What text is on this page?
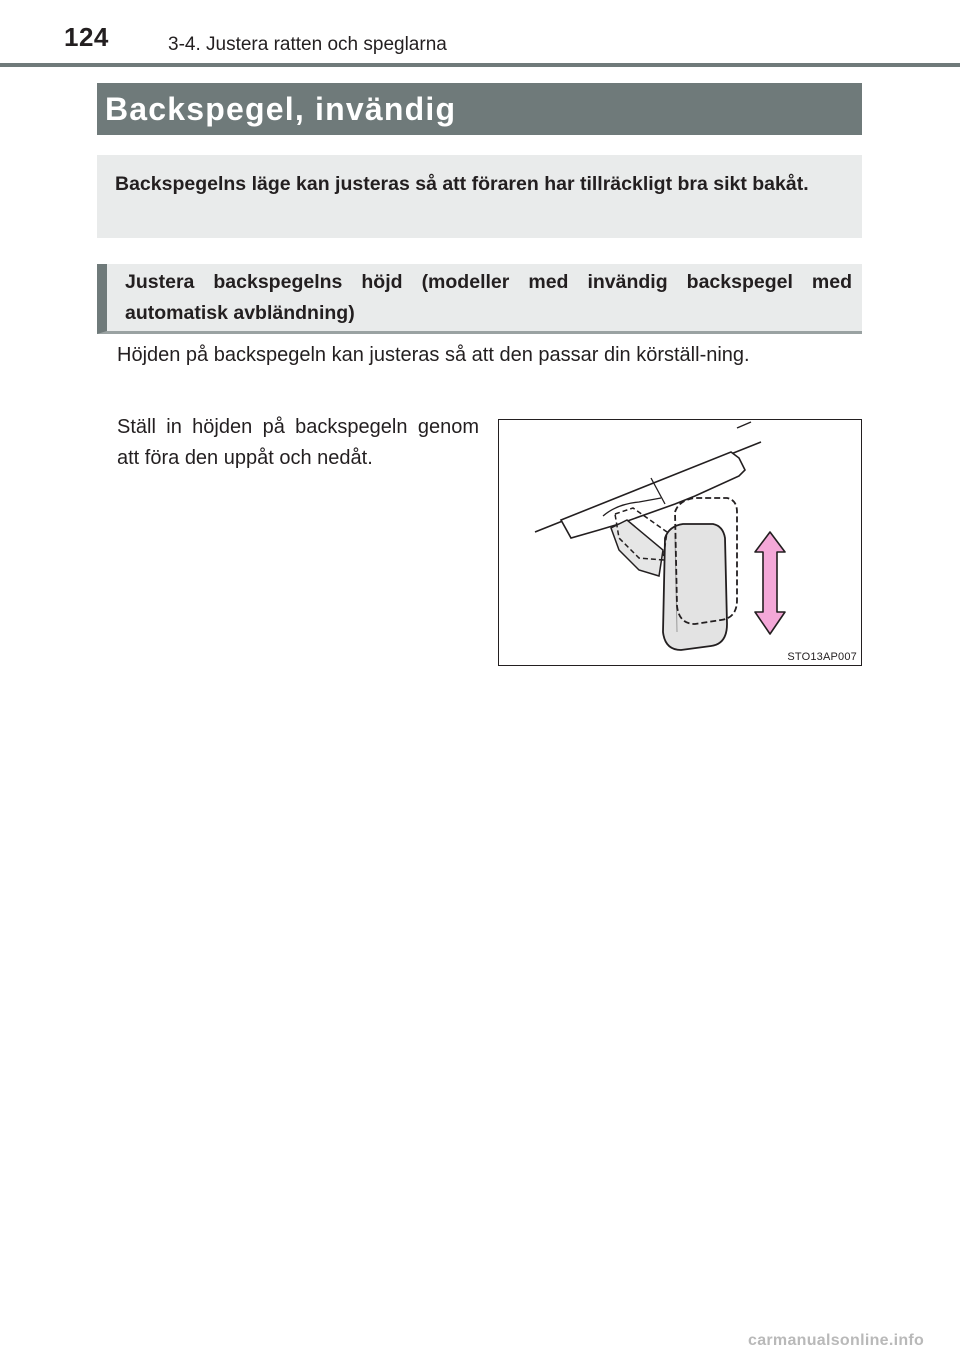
124	3-4. Justera ratten och speglarna
Backspegel, invändig

Backspegelns läge kan justeras så att föraren har tillräckligt bra sikt bakåt.

Justera backspegelns höjd (modeller med invändig backspegel med automatisk avbländning)

Höjden på backspegeln kan justeras så att den passar din körställ-ning.

Ställ in höjden på backspegeln genom att föra den uppåt och nedåt.

STO13AP007
carmanualsonline.info
